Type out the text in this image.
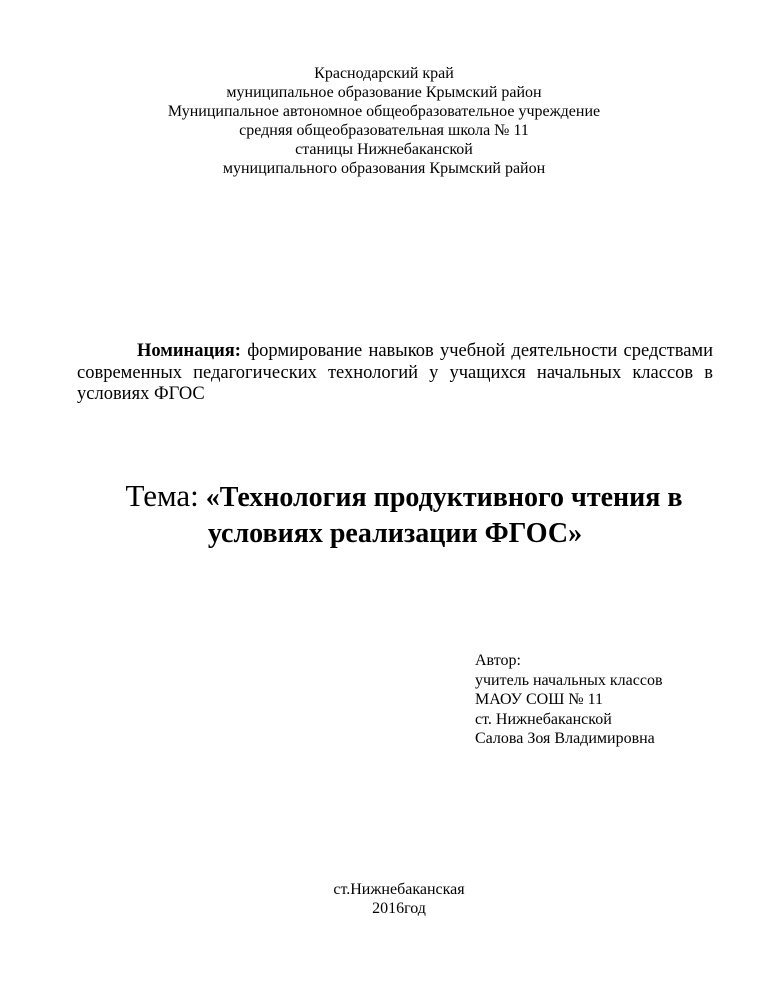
Краснодарский край
муниципальное образование Крымский район
Муниципальное автономное общеобразовательное учреждение
средняя общеобразовательная школа № 11
станицы Нижнебаканской
муниципального образования Крымский район
Номинация: формирование навыков учебной деятельности средствами современных педагогических технологий у учащихся начальных классов в условиях ФГОС
Тема: «Технология продуктивного чтения в
условиях реализации ФГОС»
Автор:
учитель начальных классов
МАОУ СОШ № 11
ст. Нижнебаканской
Салова Зоя Владимировна
ст.Нижнебаканская
2016год
